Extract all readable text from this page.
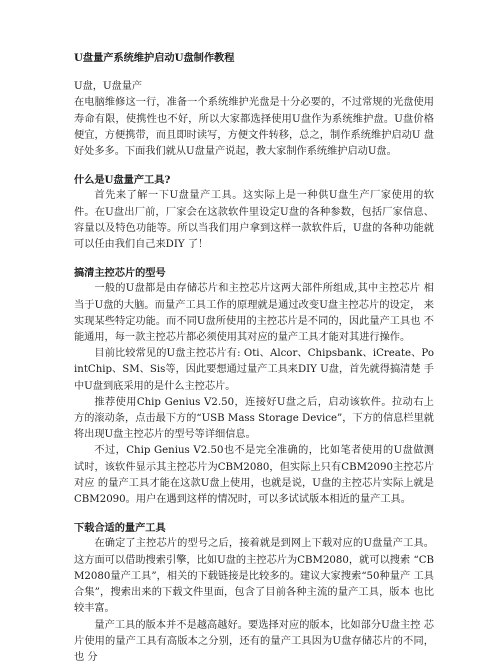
U盘量产系统维护启动U盘制作教程

U盘，U盘量产

在电脑维修这一行，准备一个系统维护光盘是十分必要的，不过常规的光盘使用寿命有限，使携性也不好，所以大家都选择使用U盘作为系统维护盘。U盘价格便宜，方便携带，而且即时读写，方便文件转移，总之，制作系统维护启动U 盘好处多多。下面我们就从U盘量产说起，教大家制作系统维护启动U盘。

什么是U盘量产工具?

首先来了解一下U盘量产工具。这实际上是一种供U盘生产厂家使用的软 件。在U盘出厂前，厂家会在这款软件里设定U盘的各种参数，包括厂家信息、 容量以及特色功能等。所以当我们用户拿到这样一款软件后，U盘的各种功能就 可以任由我们自己来DIY 了！

搞清主控芯片的型号

一般的U盘都是由存储芯片和主控芯片这两大部件所组成,其中主控芯片 相当于U盘的大脑。而量产工具工作的原理就是通过改变U盘主控芯片的设定， 来实现某些特定功能。而不同U盘所使用的主控芯片是不同的，因此量产工具也 不能通用，每一款主控芯片都必须使用其对应的量产工具才能对其进行操作。

目前比较常见的U盘主控芯片有: Oti、Alcor、Chipsbank、iCreate、PointChip、SM、Sis等，因此要想通过量产工具来DIY U盘，首先就得搞清楚 手中U盘到底采用的是什么主控芯片。

推荐使用Chip Genius V2.50，连接好U盘之后，启动该软件。拉动右上 方的滚动条，点击最下方的“USB Mass Storage Device”，下方的信息栏里就 将出现U盘主控芯片的型号等详细信息。

不过，Chip Genius V2.50也不是完全准确的，比如笔者使用的U盘做测 试时，该软件显示其主控芯片为CBM2080，但实际上只有CBM2090主控芯片对应 的量产工具才能在这款U盘上使用，也就是说，U盘的主控芯片实际上就是 CBM2090。用户在遇到这样的情况时，可以多试试版本相近的量产工具。

下载合适的量产工具

在确定了主控芯片的型号之后，接着就是到网上下载对应的U盘量产工具。 这方面可以借助搜索引擎，比如U盘的主控芯片为CBM2080，就可以搜索 “CBM2080量产工具”，相关的下载链接是比较多的。建议大家搜索“50种量产 工具合集”，搜索出来的下载文件里面，包含了目前各种主流的量产工具，版本 也比较丰富。

量产工具的版本并不是越高越好。要选择对应的版本，比如部分U盘主控 芯片使用的量产工具有高版本之分别，还有的量产工具因为U盘存储芯片的不同，也 分
